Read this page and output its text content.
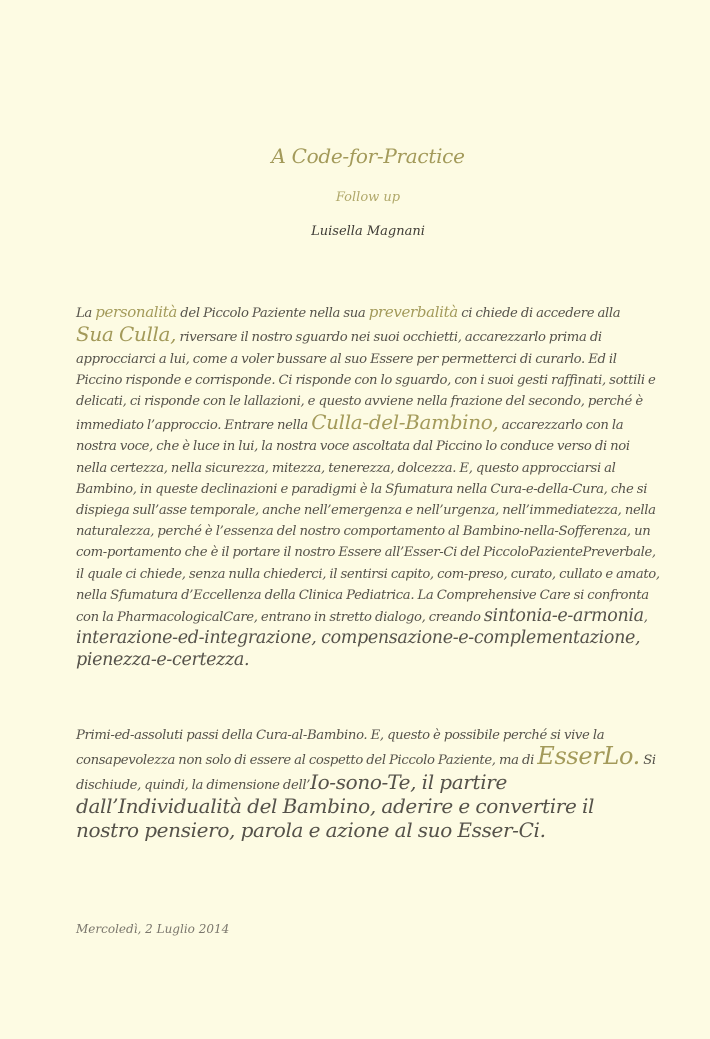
A Code-for-Practice
Follow up
Luisella Magnani

La personalità del Piccolo Paziente nella sua preverbalità ci chiede di accedere alla Sua Culla, riversare il nostro sguardo nei suoi occhietti, accarezzarlo prima di approcciarci a lui, come a voler bussare al suo Essere per permetterci di curarlo. Ed il Piccino risponde e corrisponde. Ci risponde con lo sguardo, con i suoi gesti raffinati, sottili e delicati, ci risponde con le lallazioni, e questo avviene nella frazione del secondo, perché è immediato l’approccio. Entrare nella Culla-del-Bambino, accarezzarlo con la nostra voce, che è luce in lui, la nostra voce ascoltata dal Piccino lo conduce verso di noi nella certezza, nella sicurezza, mitezza, tenerezza, dolcezza. E, questo approcciarsi al Bambino, in queste declinazioni e paradigmi è la Sfumatura nella Cura-e-della-Cura, che si dispiega sull’asse temporale, anche nell’emergenza e nell’urgenza, nell’immediatezza, nella naturalezza, perché è l’essenza del nostro comportamento al Bambino-nella-Sofferenza, un com-portamento che è il portare il nostro Essere all’Esser-Ci del PiccoloPazientePreverbale, il quale ci chiede, senza nulla chiederci, il sentirsi capito, com-preso, curato, cullato e amato, nella Sfumatura d’Eccellenza della Clinica Pediatrica. La Comprehensive Care si confronta con la PharmacologicalCare, entrano in stretto dialogo, creando sintonia-e-armonia, interazione-ed-integrazione, compensazione-e-complementazione, pienezza-e-certezza.

Primi-ed-assoluti passi della Cura-al-Bambino. E, questo è possibile perché si vive la consapevolezza non solo di essere al cospetto del Piccolo Paziente, ma di EsserLo. Si dischiude, quindi, la dimensione dell’Io-sono-Te, il partire dall’Individualità del Bambino, aderire e convertire il nostro pensiero, parola e azione al suo Esser-Ci.

Mercoledì, 2 Luglio 2014
